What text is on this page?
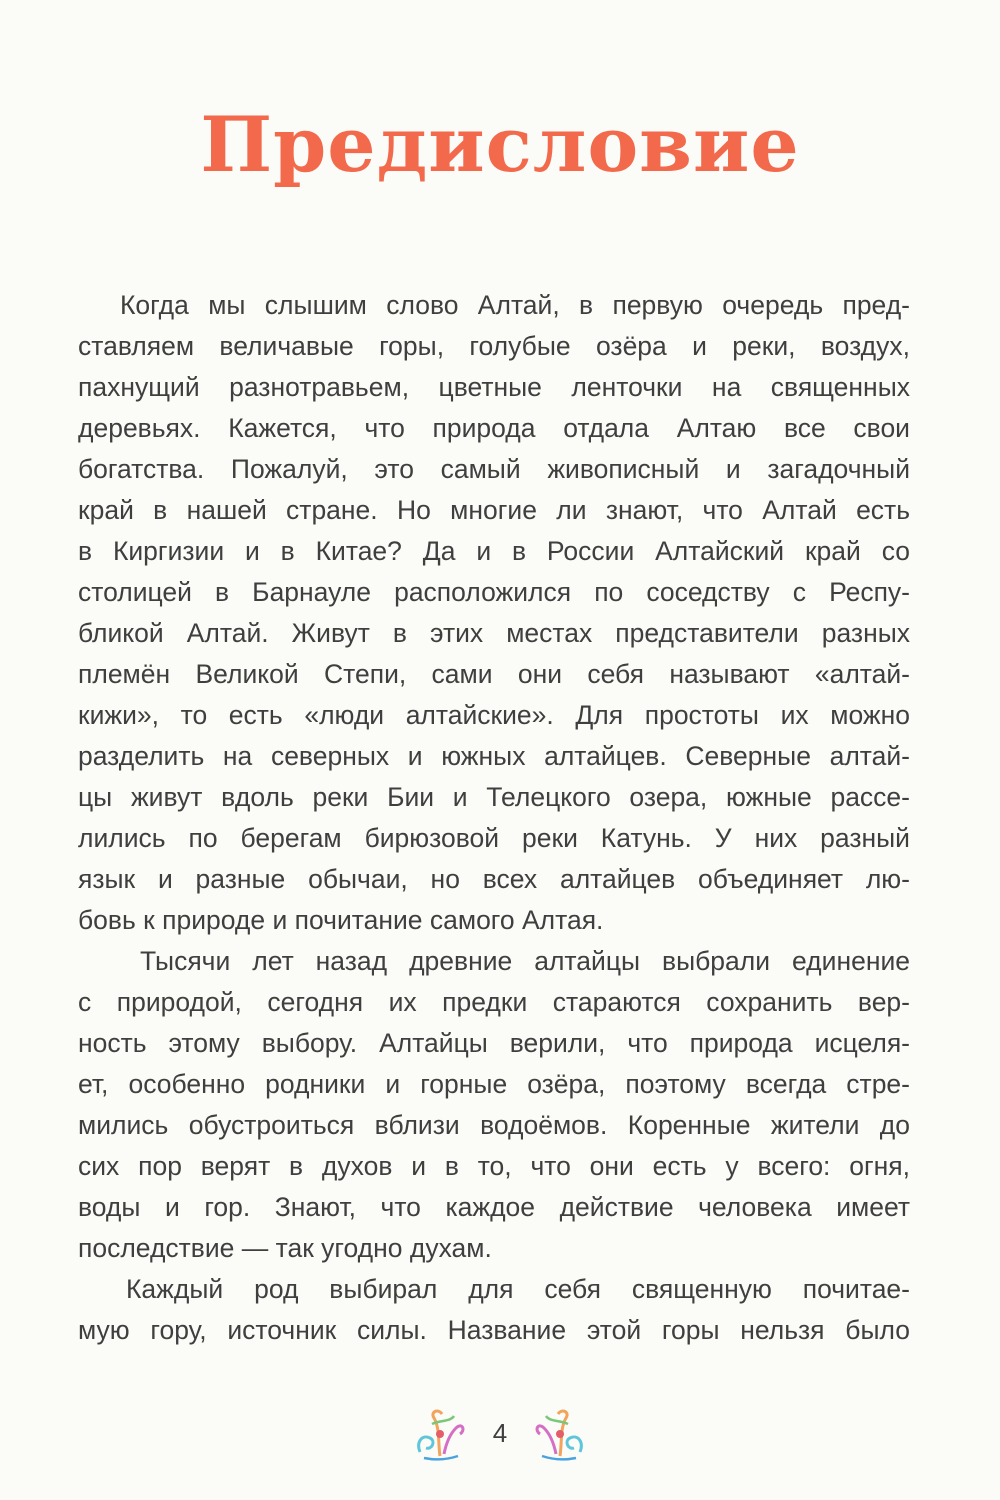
Предисловие
Когда мы слышим слово Алтай, в первую очередь пред-
ставляем величавые горы, голубые озёра и реки, воздух,
пахнущий разнотравьем, цветные ленточки на священных
деревьях. Кажется, что природа отдала Алтаю все свои
богатства. Пожалуй, это самый живописный и загадочный
край в нашей стране. Но многие ли знают, что Алтай есть
в Киргизии и в Китае? Да и в России Алтайский край со
столицей в Барнауле расположился по соседству с Респу-
бликой Алтай. Живут в этих местах представители разных
племён Великой Степи, сами они себя называют «алтай-
кижи», то есть «люди алтайские». Для простоты их можно
разделить на северных и южных алтайцев. Северные алтай-
цы живут вдоль реки Бии и Телецкого озера, южные рассе-
лились по берегам бирюзовой реки Катунь. У них разный
язык и разные обычаи, но всех алтайцев объединяет лю-
бовь к природе и почитание самого Алтая.
Тысячи лет назад древние алтайцы выбрали единение
с природой, сегодня их предки стараются сохранить вер-
ность этому выбору. Алтайцы верили, что природа исцеля-
ет, особенно родники и горные озёра, поэтому всегда стре-
мились обустроиться вблизи водоёмов. Коренные жители до
сих пор верят в духов и в то, что они есть у всего: огня,
воды и гор. Знают, что каждое действие человека имеет
последствие — так угодно духам.
Каждый род выбирал для себя священную почитае-
мую гору, источник силы. Название этой горы нельзя было
4
